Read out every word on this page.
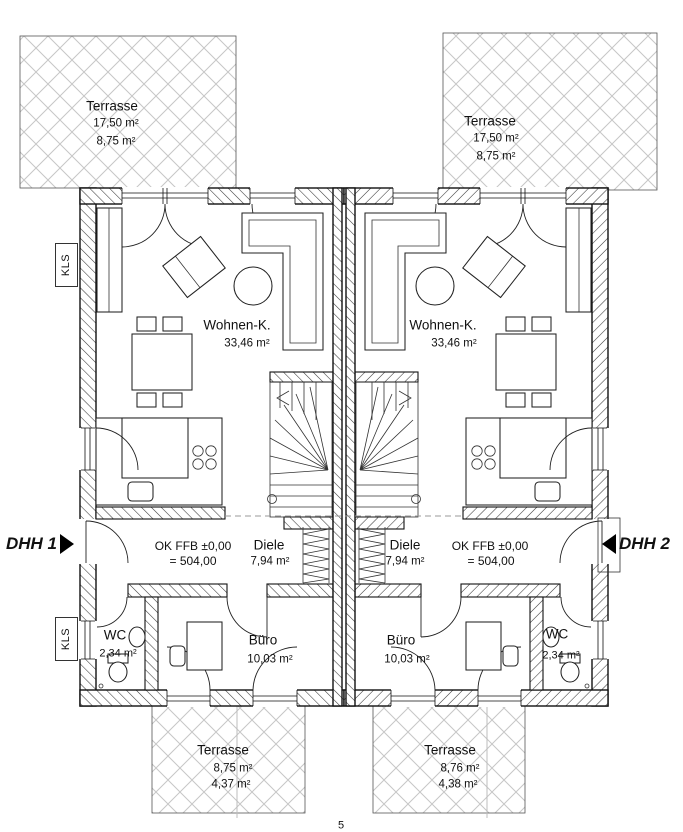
Terrasse
17,50 m²
8,75 m²
Terrasse
17,50 m²
8,75 m²
Wohnen-K.
33,46 m²
Wohnen-K.
33,46 m²
OK FFB ±0,00
= 504,00
OK FFB ±0,00
= 504,00
Diele
7,94 m²
Diele
7,94 m²
Büro
10,03 m²
Büro
10,03 m²
WC
2,34 m²
WC
2,34 m²
Terrasse
8,75 m²
4,37 m²
Terrasse
8,76 m²
4,38 m²
5
DHH 1	DHH 2
KLS
KLS
